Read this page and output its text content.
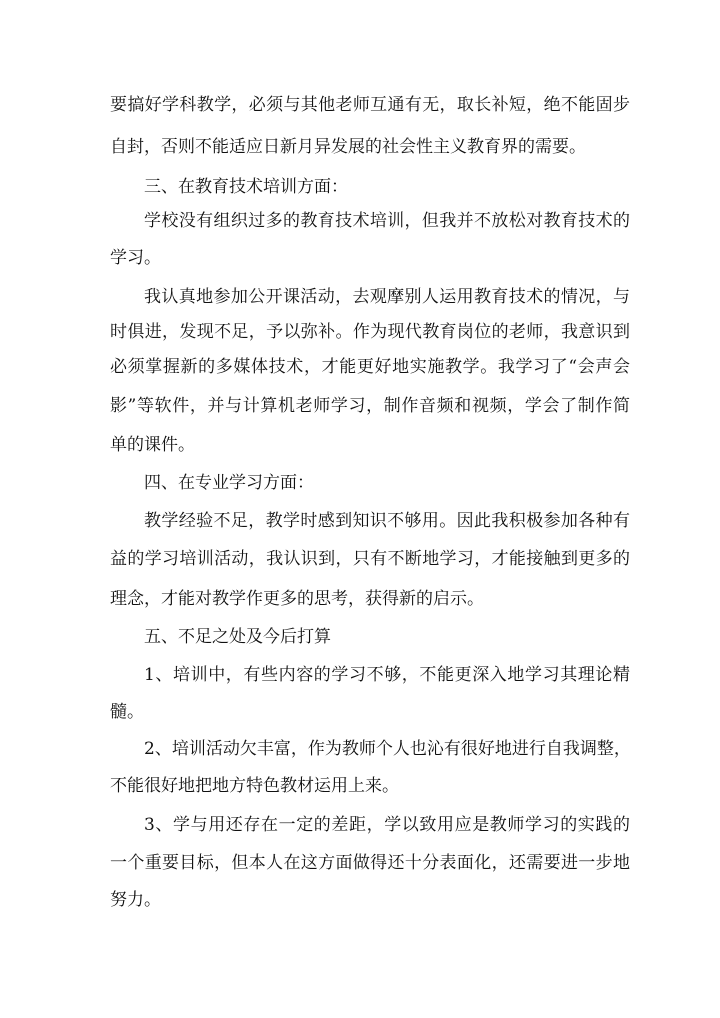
要搞好学科教学，必须与其他老师互通有无，取长补短，绝不能固步
自封，否则不能适应日新月异发展的社会性主义教育界的需要。
三、在教育技术培训方面：
学校没有组织过多的教育技术培训，但我并不放松对教育技术的
学习。
我认真地参加公开课活动，去观摩别人运用教育技术的情况，与
时俱进，发现不足，予以弥补。作为现代教育岗位的老师，我意识到
必须掌握新的多媒体技术，才能更好地实施教学。我学习了“会声会
影”等软件，并与计算机老师学习，制作音频和视频，学会了制作简
单的课件。
四、在专业学习方面：
教学经验不足，教学时感到知识不够用。因此我积极参加各种有
益的学习培训活动，我认识到，只有不断地学习，才能接触到更多的
理念，才能对教学作更多的思考，获得新的启示。
五、不足之处及今后打算
1、培训中，有些内容的学习不够，不能更深入地学习其理论精
髓。
2、培训活动欠丰富，作为教师个人也沁有很好地进行自我调整，
不能很好地把地方特色教材运用上来。
3、学与用还存在一定的差距，学以致用应是教师学习的实践的
一个重要目标，但本人在这方面做得还十分表面化，还需要进一步地
努力。
